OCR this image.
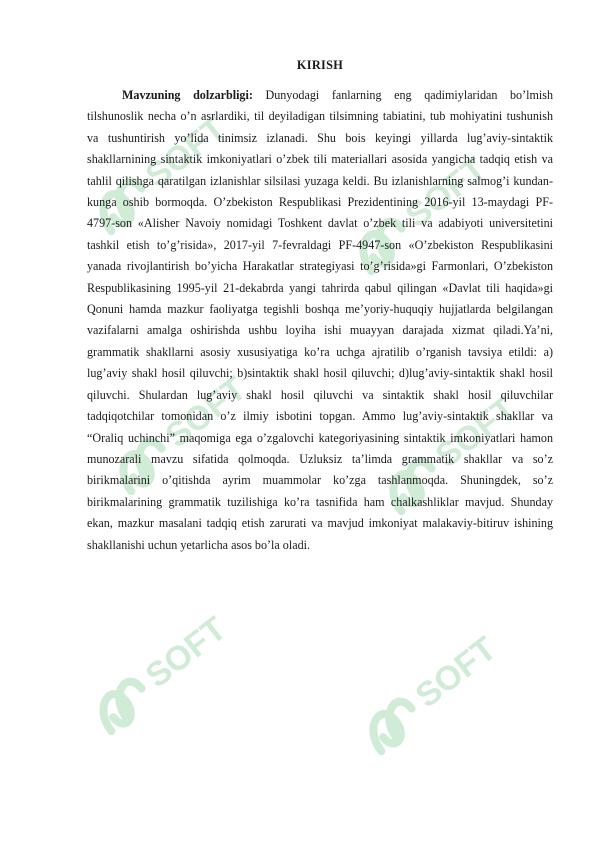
SOFT	SOFT
SOFT	SOFT
SOFT	SOFT
KIRISH

Mavzuning dolzarbligi: Dunyodagi fanlarning eng qadimiylaridan bo’lmish tilshunoslik necha o’n asrlardiki, til deyiladigan tilsimning tabiatini, tub mohiyatini tushunish va tushuntirish yo’lida tinimsiz izlanadi. Shu bois keyingi yillarda lug’aviy-sintaktik shakllarnining sintaktik imkoniyatlari o’zbek tili materiallari asosida yangicha tadqiq etish va tahlil qilishga qaratilgan izlanishlar silsilasi yuzaga keldi. Bu izlanishlarning salmog’i kundan-kunga oshib bormoqda. O’zbekiston Respublikasi Prezidentining 2016-yil 13-maydagi PF-4797-son «Alisher Navoiy nomidagi Toshkent davlat o’zbek tili va adabiyoti universitetini tashkil etish to’g’risida», 2017-yil 7-fevraldagi PF-4947-son «O’zbekiston Respublikasini yanada rivojlantirish bo’yicha Harakatlar strategiyasi to’g’risida»gi Farmonlari, O’zbekiston Respublikasining 1995-yil 21-dekabrda yangi tahrirda qabul qilingan «Davlat tili haqida»gi Qonuni hamda mazkur faoliyatga tegishli boshqa me’yoriy-huquqiy hujjatlarda belgilangan vazifalarni amalga oshirishda ushbu loyiha ishi muayyan darajada xizmat qiladi.Ya’ni, grammatik shakllarni asosiy xususiyatiga ko’ra uchga ajratilib o’rganish tavsiya etildi: a) lug’aviy shakl hosil qiluvchi; b)sintaktik shakl hosil qiluvchi; d)lug’aviy-sintaktik shakl hosil qiluvchi. Shulardan lug’aviy shakl hosil qiluvchi va sintaktik shakl hosil qiluvchilar tadqiqotchilar tomonidan o’z ilmiy isbotini topgan. Ammo lug’aviy-sintaktik shakllar va “Oraliq uchinchi” maqomiga ega o’zgalovchi kategoriyasining sintaktik imkoniyatlari hamon munozarali mavzu sifatida qolmoqda. Uzluksiz ta’limda grammatik shakllar va so’z birikmalarini o’qitishda ayrim muammolar ko’zga tashlanmoqda. Shuningdek, so’z birikmalarining grammatik tuzilishiga ko’ra tasnifida ham chalkashliklar mavjud. Shunday ekan, mazkur masalani tadqiq etish zarurati va mavjud imkoniyat malakaviy-bitiruv ishining shakllanishi uchun yetarlicha asos bo’la oladi.
